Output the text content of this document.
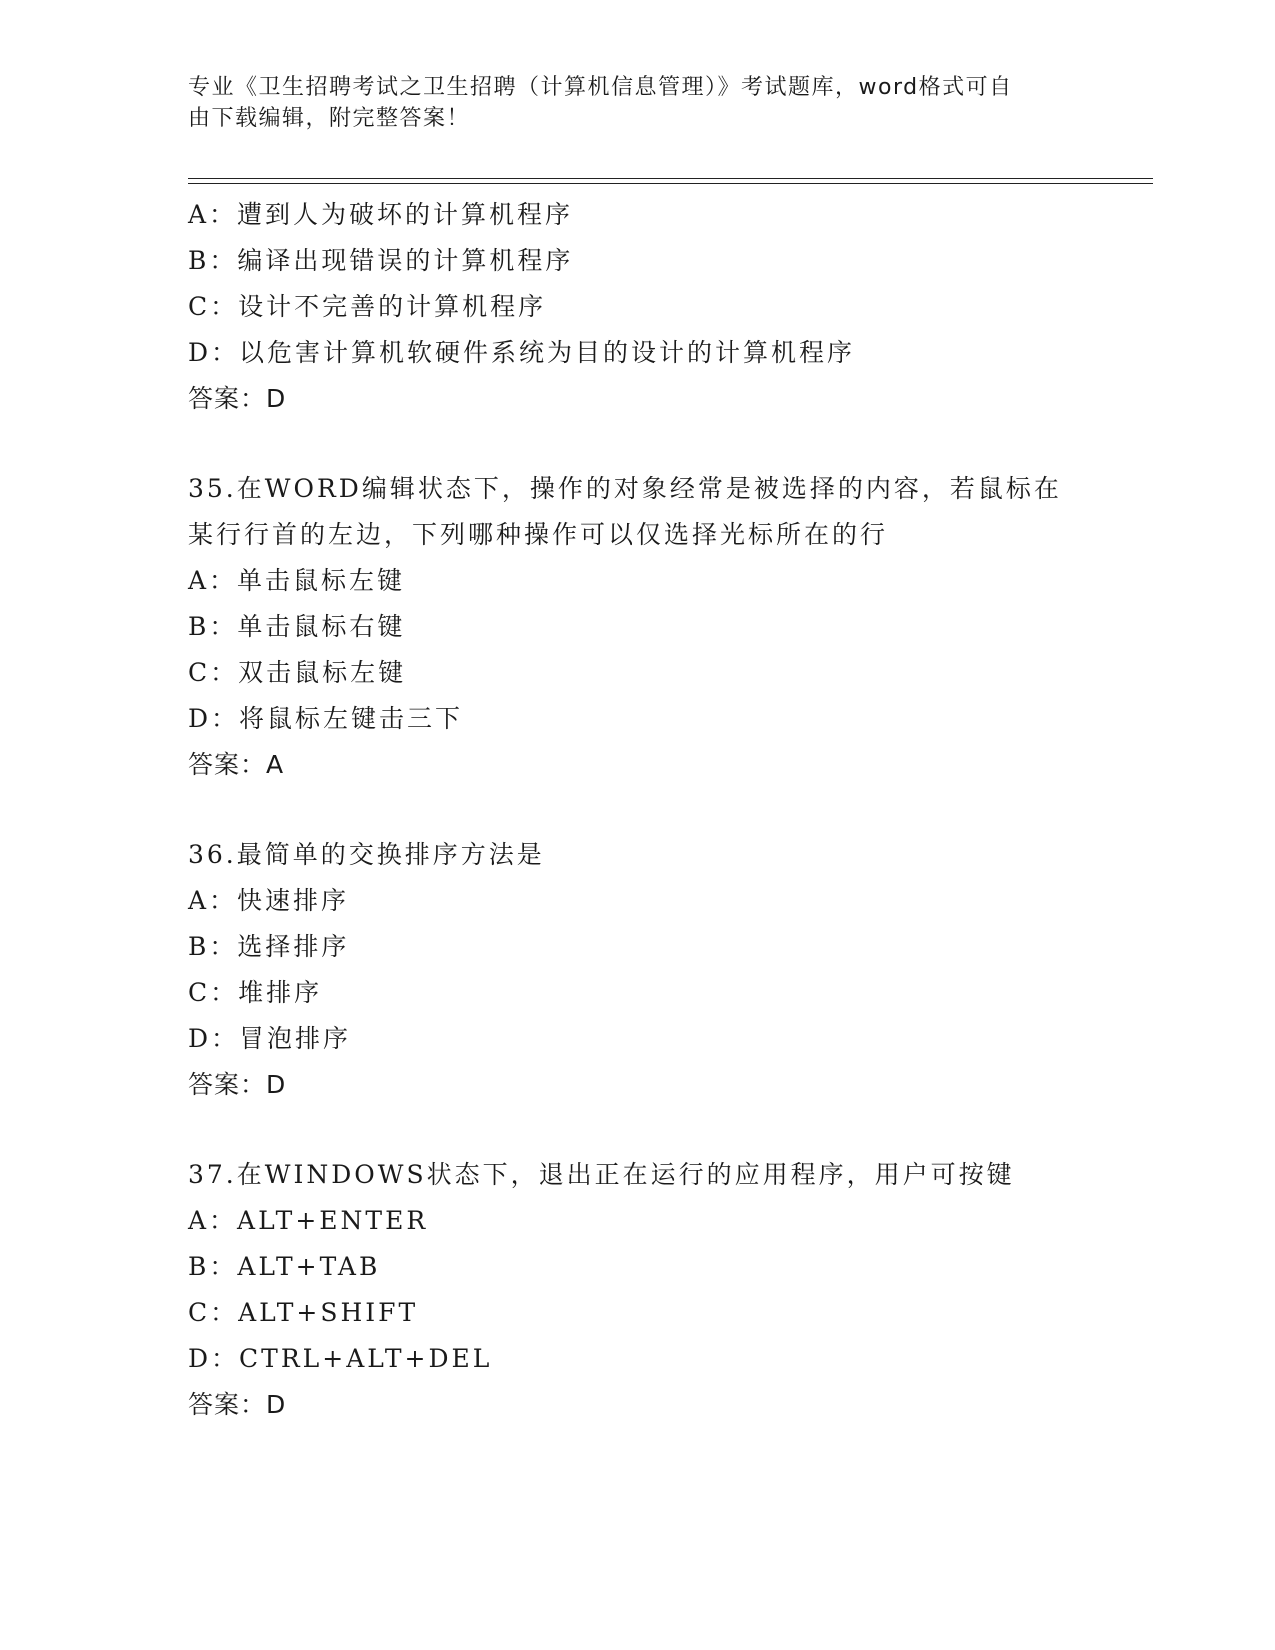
专业《卫生招聘考试之卫生招聘（计算机信息管理）》考试题库，word格式可自
由下载编辑，附完整答案！
A：遭到人为破坏的计算机程序
B：编译出现错误的计算机程序
C：设计不完善的计算机程序
D：以危害计算机软硬件系统为目的设计的计算机程序
答案：D
35.在WORD编辑状态下，操作的对象经常是被选择的内容，若鼠标在
某行行首的左边，下列哪种操作可以仅选择光标所在的行
A：单击鼠标左键
B：单击鼠标右键
C：双击鼠标左键
D：将鼠标左键击三下
答案：A
36.最简单的交换排序方法是
A：快速排序
B：选择排序
C：堆排序
D：冒泡排序
答案：D
37.在WINDOWS状态下，退出正在运行的应用程序，用户可按键
A：ALT+ENTER
B：ALT+TAB
C：ALT+SHIFT
D：CTRL+ALT+DEL
答案：D
